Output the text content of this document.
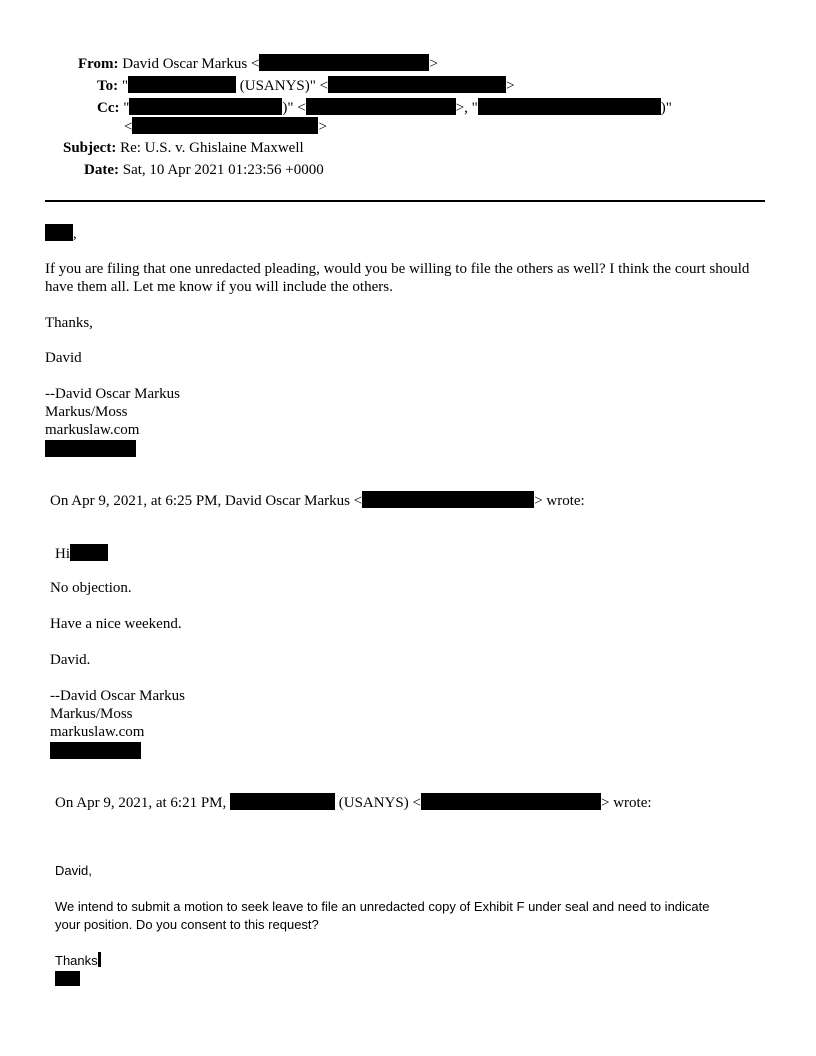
From: David Oscar Markus <	>
To: "	(USANYS)" <	>
Cc: "	)" <	>, "	)"
<	>
Subject: Re: U.S. v. Ghislaine Maxwell
Date: Sat, 10 Apr 2021 01:23:56 +0000
,

If you are filing that one unredacted pleading, would you be willing to file the others as well? I think the court should have them all. Let me know if you will include the others.

Thanks,
David
--David Oscar Markus
Markus/Moss
markuslaw.com
On Apr 9, 2021, at 6:25 PM, David Oscar Markus <	> wrote:
Hi
No objection.
Have a nice weekend.
David.
--David Oscar Markus
Markus/Moss
markuslaw.com
On Apr 9, 2021, at 6:21 PM,	(USANYS) <	> wrote:
David,
We intend to submit a motion to seek leave to file an unredacted copy of Exhibit F under seal and need to indicate
your position. Do you consent to this request?
Thanks
